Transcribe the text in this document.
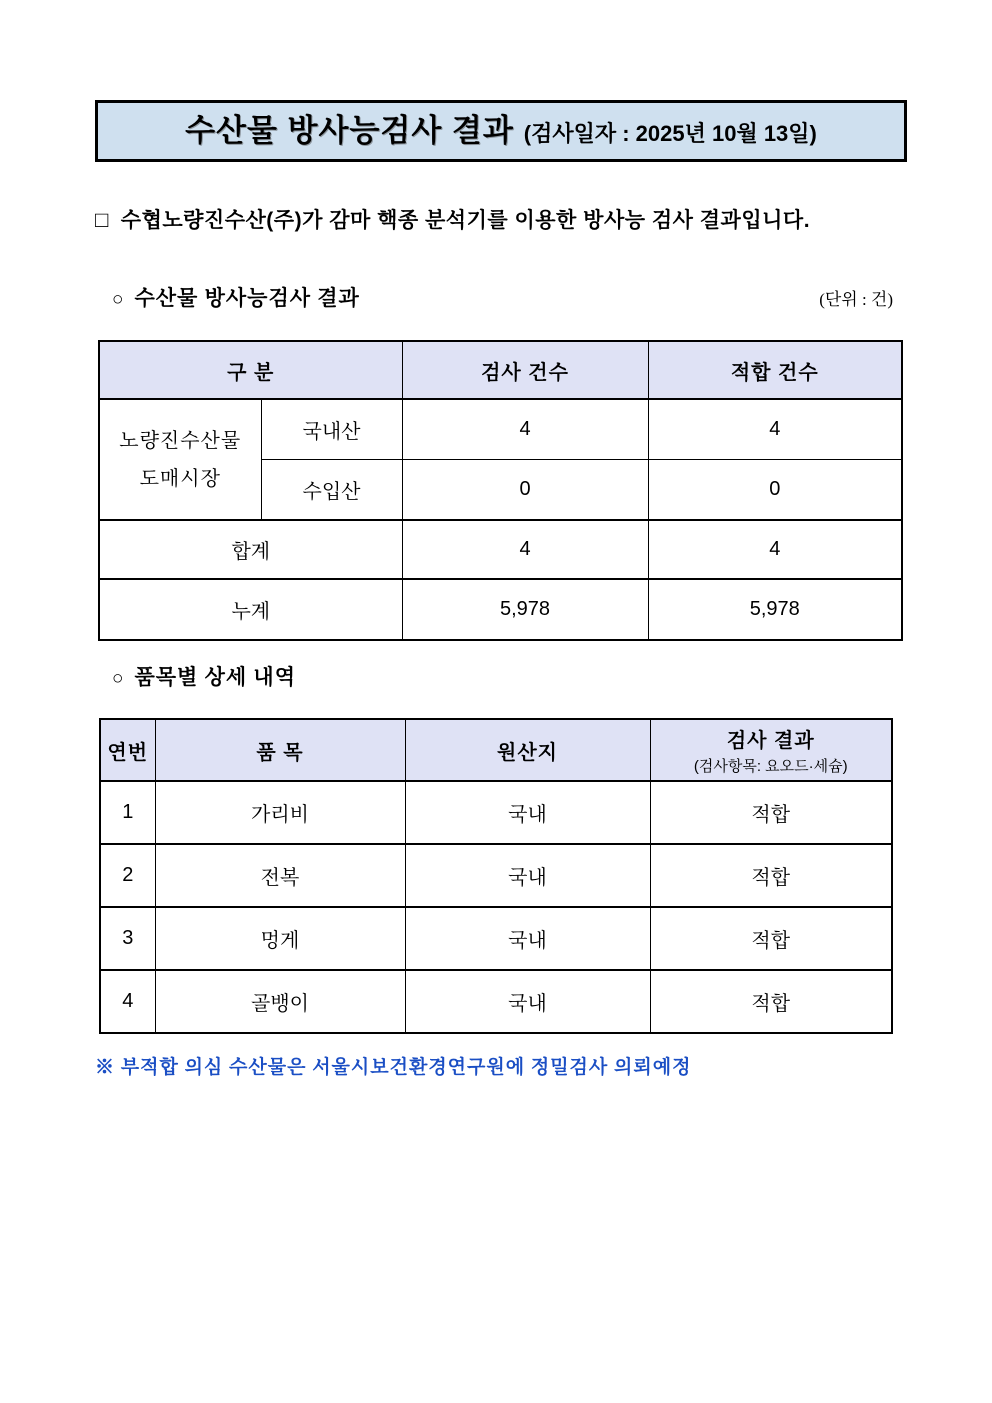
수산물 방사능검사 결과 (검사일자 : 2025년 10월 13일)
□ 수협노량진수산(주)가 감마 핵종 분석기를 이용한 방사능 검사 결과입니다.
○ 수산물 방사능검사 결과	(단위 : 건)
구 분		검사 건수	적합 건수

노량진수산물
도매시장	국내산	4	4
	수입산	0	0
합계		4	4
누계		5,978	5,978
○ 품목별 상세 내역
연번	품 목	원산지	검사 결과
(검사항목: 요오드·세슘)

1	가리비	국내	적합
2	전복	국내	적합
3	멍게	국내	적합
4	골뱅이	국내	적합
※ 부적합 의심 수산물은 서울시보건환경연구원에 정밀검사 의뢰예정
